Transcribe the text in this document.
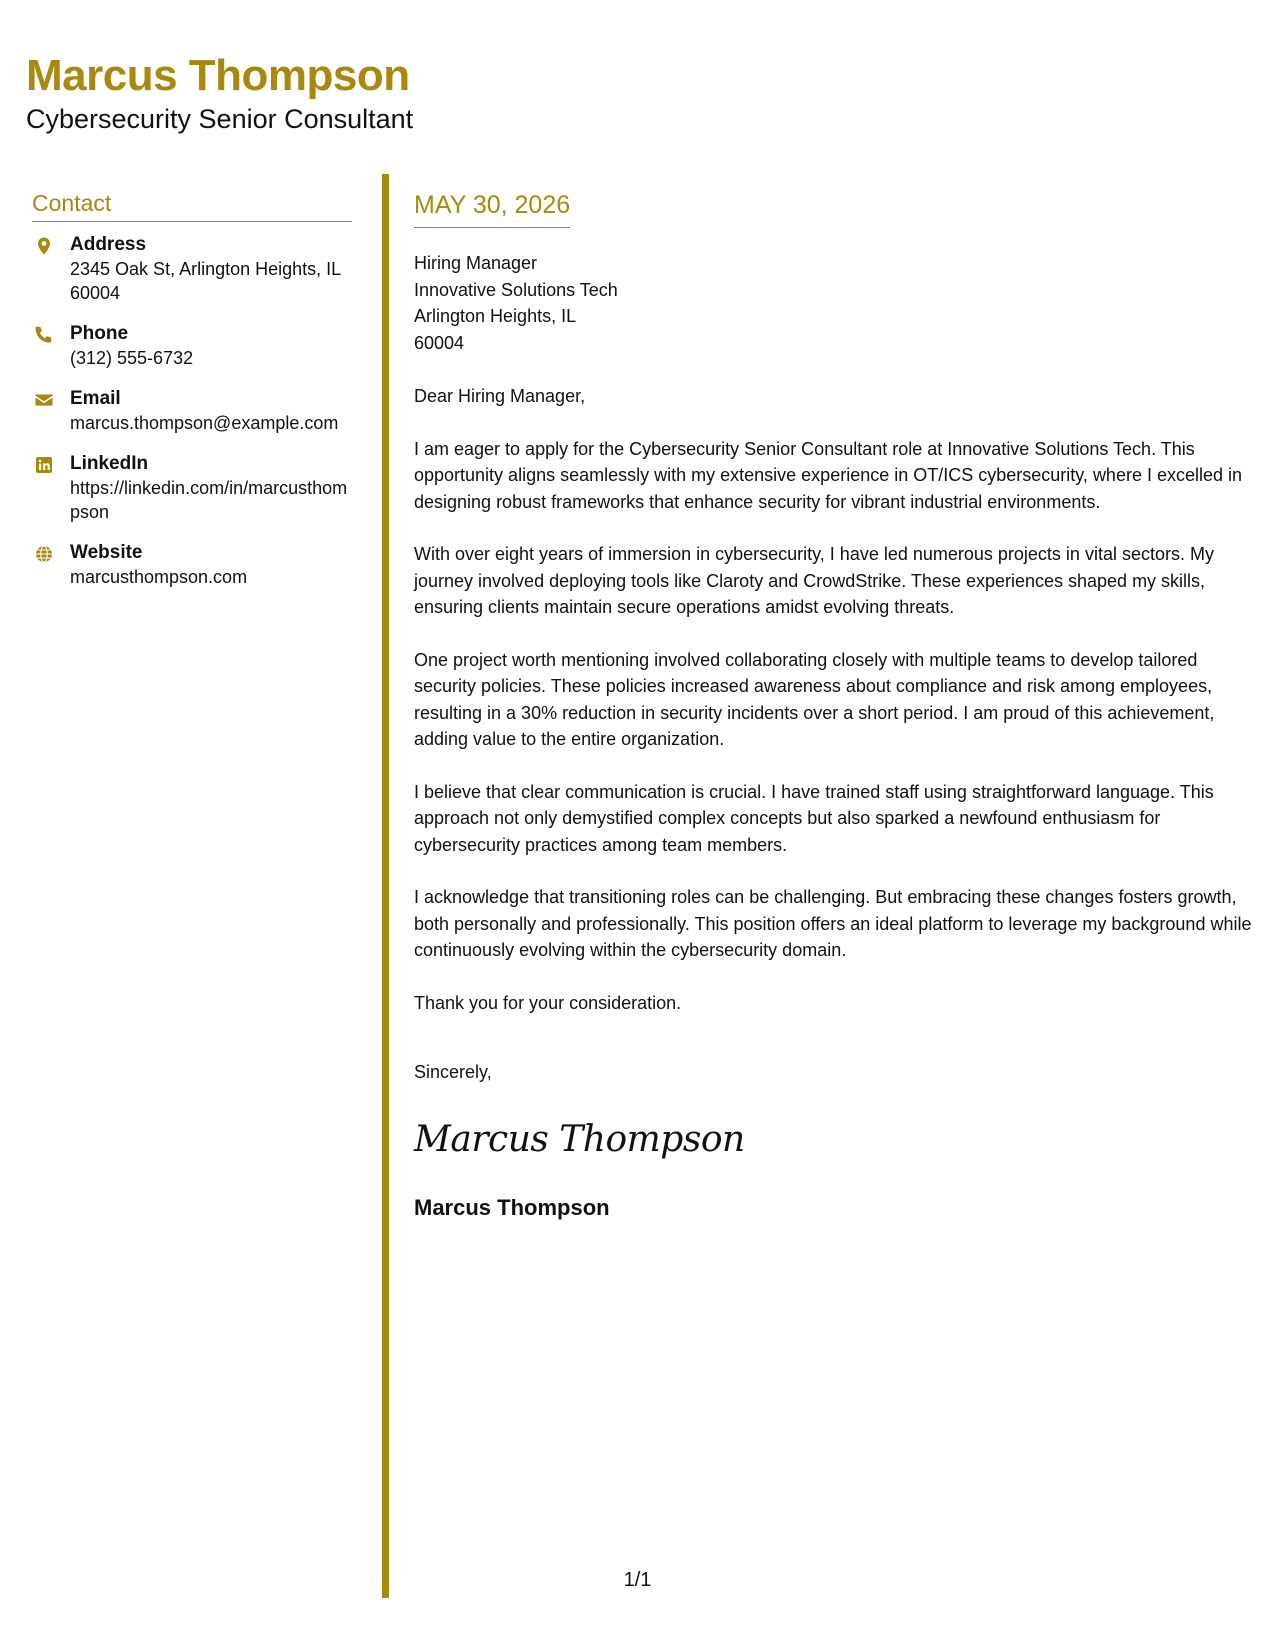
Marcus Thompson

Cybersecurity Senior Consultant

Contact
Address
2345 Oak St, Arlington Heights, IL 60004
Phone
(312) 555-6732
Email
marcus.thompson@example.com
LinkedIn
https://linkedin.com/in/marcusthompson
Website
marcusthompson.com
MAY 30, 2026
Hiring Manager
Innovative Solutions Tech
Arlington Heights, IL
60004
Dear Hiring Manager,
I am eager to apply for the Cybersecurity Senior Consultant role at Innovative Solutions Tech. This opportunity aligns seamlessly with my extensive experience in OT/ICS cybersecurity, where I excelled in designing robust frameworks that enhance security for vibrant industrial environments.
With over eight years of immersion in cybersecurity, I have led numerous projects in vital sectors. My journey involved deploying tools like Claroty and CrowdStrike. These experiences shaped my skills, ensuring clients maintain secure operations amidst evolving threats.
One project worth mentioning involved collaborating closely with multiple teams to develop tailored security policies. These policies increased awareness about compliance and risk among employees, resulting in a 30% reduction in security incidents over a short period. I am proud of this achievement, adding value to the entire organization.
I believe that clear communication is crucial. I have trained staff using straightforward language. This approach not only demystified complex concepts but also sparked a newfound enthusiasm for cybersecurity practices among team members.
I acknowledge that transitioning roles can be challenging. But embracing these changes fosters growth, both personally and professionally. This position offers an ideal platform to leverage my background while continuously evolving within the cybersecurity domain.
Thank you for your consideration.
Sincerely,
Marcus Thompson
Marcus Thompson
1/1
